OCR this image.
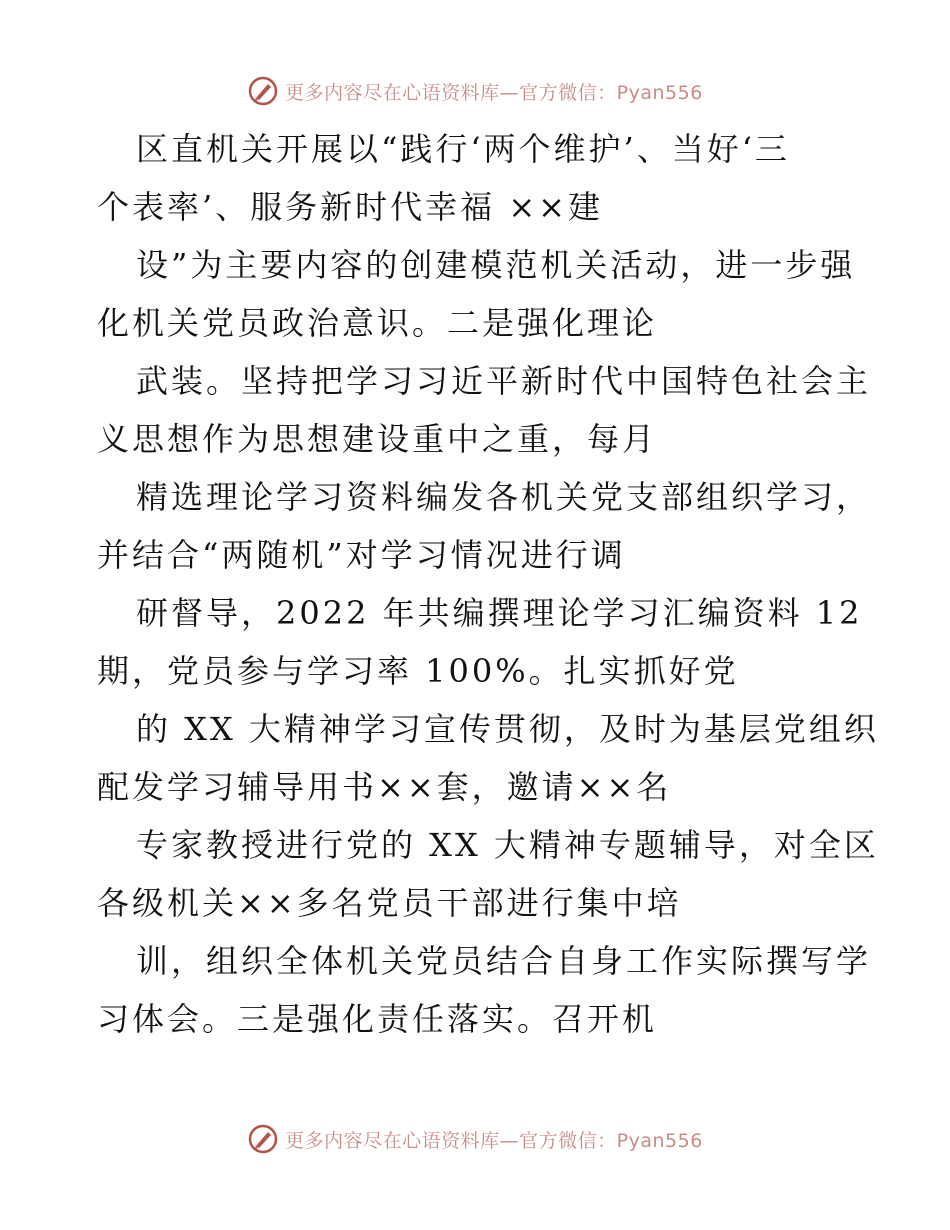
更多内容尽在心语资料库—官方微信：Pyan556
区直机关开展以“践行‘两个维护’、当好‘三
个表率’、服务新时代幸福 ××建
设”为主要内容的创建模范机关活动，进一步强
化机关党员政治意识。二是强化理论
武装。坚持把学习习近平新时代中国特色社会主
义思想作为思想建设重中之重，每月
精选理论学习资料编发各机关党支部组织学习，
并结合“两随机”对学习情况进行调
研督导，2022 年共编撰理论学习汇编资料 12
期，党员参与学习率 100%。扎实抓好党
的 XX 大精神学习宣传贯彻，及时为基层党组织
配发学习辅导用书××套，邀请××名
专家教授进行党的 XX 大精神专题辅导，对全区
各级机关××多名党员干部进行集中培
训，组织全体机关党员结合自身工作实际撰写学
习体会。三是强化责任落实。召开机
更多内容尽在心语资料库—官方微信：Pyan556
